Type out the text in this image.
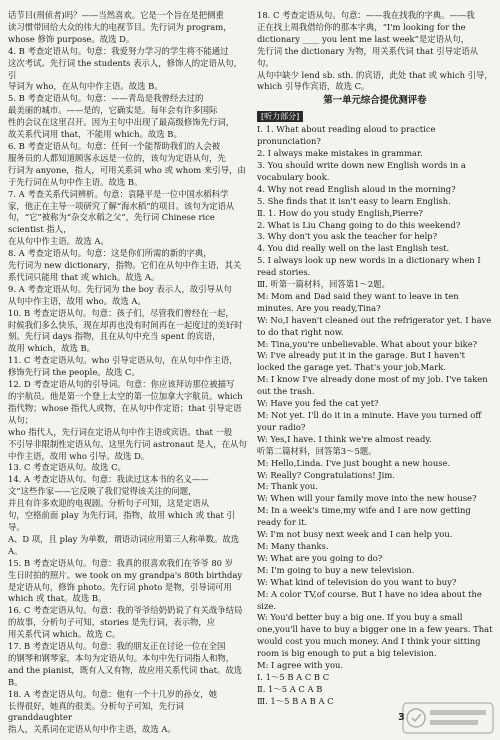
话节目(刑侦者)吗？——当然喜欢。它是一个旨在是把侧重

读习惯带回给大众的伟大的电视节目。先行词为 program，

whose 修饰 purpose。故选 D。

4. B 考查定语从句。句意：我爱努力学习的学生将不能通过

这次考试。先行词 the students 表示人，修饰人的定语从句，引

导词为 who，在从句中作主语。故选 B。

5. B 考查定语从句。句意：——青岛是我曾经去过的

最美丽的城市。——是的，它确实是。每年会有许多国际

性的会议在这里召开。因为主句中出现了最高级修饰先行词，

故关系代词用 that，不能用 which。故选 B。

6. B 考查定语从句。句意：任何一个能帮助我们的人会被

服务员的人都知道顾客永远是一位的，该句为定语从句，先

行词为 anyone，指人，可用关系词 who 或 whom 来引导，由

于先行词在从句中作主语。故选 B。

7. A 考查关系代词辨析。句意：袁隆平是一位中国水稻科学

家，他正在主导一项研究了解“海水稻”的项目。该句为定语从

句，“它”被称为“杂交水稻之父”，先行词 Chinese rice scientist 指人，

在从句中作主语。故选 A。

8. A 考查定语从句。句意：这是你们所需的新的字典，

先行词为 new dictionary，指物。它们在从句中作主语，其关

系代词只能用 that 或 which。故选 A。

9. A 考查定语从句。先行词为 the boy 表示人，故引导从句

从句中作主语，故用 who。故选 A。

10. B 考查定语从句。句意：孩子们，尽管我们曾经在一起，

时候我们多么快乐，现在却再也没有时间再在一起度过的美好时

刻。先行词 days 指物，且在从句中充当 spent 的宾语，

故用 which，故选 B。

11. C 考查定语从句。who 引导定语从句，在从句中作主语，

修饰先行词 the people。故选 C。

12. D 考查定语从句的引导词。句意：你应该拜访那位被描写

的宇航员。他是第一个登上太空的第一位加拿大宇航员。which

指代物；whose 指代人或物，在从句中作定语；that 引导定语从句；

who 指代人，先行词在定语从句中作主语或宾语。that 一般

不引导非限制性定语从句。这里先行词 astronaut 是人，在从句

中作主语，故用 who 引导。故选 D。

13. C 考查定语从句。故选 C。

14. A 考查定语从句。句意：我读过这本书的名义——

文”这些作家——它反映了我们觉得该关注的问题，

并且有许多欢迎的电视剧。分析句子可知，这是定语从

句，空格前面 play 为先行词，指物，故用 which 或 that 引导。

A、D 项，且 play 为单数，谓语动词应用第三人称单数。故选 A。

15. B 考查定语从句。句意：我真的很喜欢我们在爷爷 80 岁

生日时拍的照片。we took on my grandpa's 80th birthday

是定语从句，修饰 photo。先行词 photo 是物，引导词可用

which 或 that。故选 B。

16. C 考查定语从句。句意：我的爷爷给奶奶说了有关战争结局

的故事，分析句子可知，stories 是先行词，表示物，应

用关系代词 which。故选 C。

17. B 考查定语从句。句意：我的朋友正在讨论一位在全国

的钢琴和钢琴家，本句为定语从句。本句中先行词指人和物，

and the pianist，既有人又有物，故应用关系代词 that。故选 B。

18. A 考查定语从句。句意：他有一个十几岁的孙女，她

长得很好，她真的很美。分析句子可知，先行词 granddaughter

指人，关系词在定语从句中作主语，故选 A。

18. C 考查定语从句。句意：——我在找我的字典。——我

正在找上周我借给你的那本字典，“I'm looking for the

dictionary ____ you lent me last week”是定语从句，

先行词 the dictionary 为物，用关系代词 that 引导定语从句。

从句中缺少 lend sb. sth. 的宾语，此处 that 或 which 引导，

which 引导作宾语，故选 C。

第一单元综合提优测评卷
[听力部分]

Ⅰ. 1. What about reading aloud to practice pronunciation?

2. I always make mistakes in grammar.

3. You should write down new English words in a vocabulary book.

4. Why not read English aloud in the morning?

5. She finds that it isn't easy to learn English.

Ⅱ. 1. How do you study English,Pierre?

2. What is Liu Chang going to do this weekend?

3. Why don't you ask the teacher for help?

4. You did really well on the last English test.

5. I always look up new words in a dictionary when I read stories.

Ⅲ. 听第一篇材料，回答第1～2题。

M: Mom and Dad said they want to leave in ten minutes. Are you ready,Tina?

W: No,I haven't cleaned out the refrigerator yet. I have to do that right now.

M: Tina,you're unbelievable. What about your bike?

W: I've already put it in the garage. But I haven't locked the garage yet. That's your job,Mark.

M: I know I've already done most of my job. I've taken out the trash.

W: Have you fed the cat yet?

M: Not yet. I'll do it in a minute. Have you turned off your radio?

W: Yes,I have. I think we're almost ready.

听第二篇材料，回答第3～5题。

M: Hello,Linda. I've just bought a new house.

W: Really? Congratulations! Jim.

M: Thank you.

W: When will your family move into the new house?

M: In a week's time,my wife and I are now getting ready for it.

W: I'm not busy next week and I can help you.

M: Many thanks.

W: What are you going to do?

M: I'm going to buy a new television.

W: What kind of television do you want to buy?

M: A color TV,of course. But I have no idea about the size.

W: You'd better buy a big one. If you buy a small one,you'll have to buy a bigger one in a few years. That would cost you much money. And I think your sitting room is big enough to put a big television.

M: I agree with you.

Ⅰ. 1～5 B A C B C

Ⅱ. 1～5 A C A B

Ⅲ. 1～5 B A B A C

3
